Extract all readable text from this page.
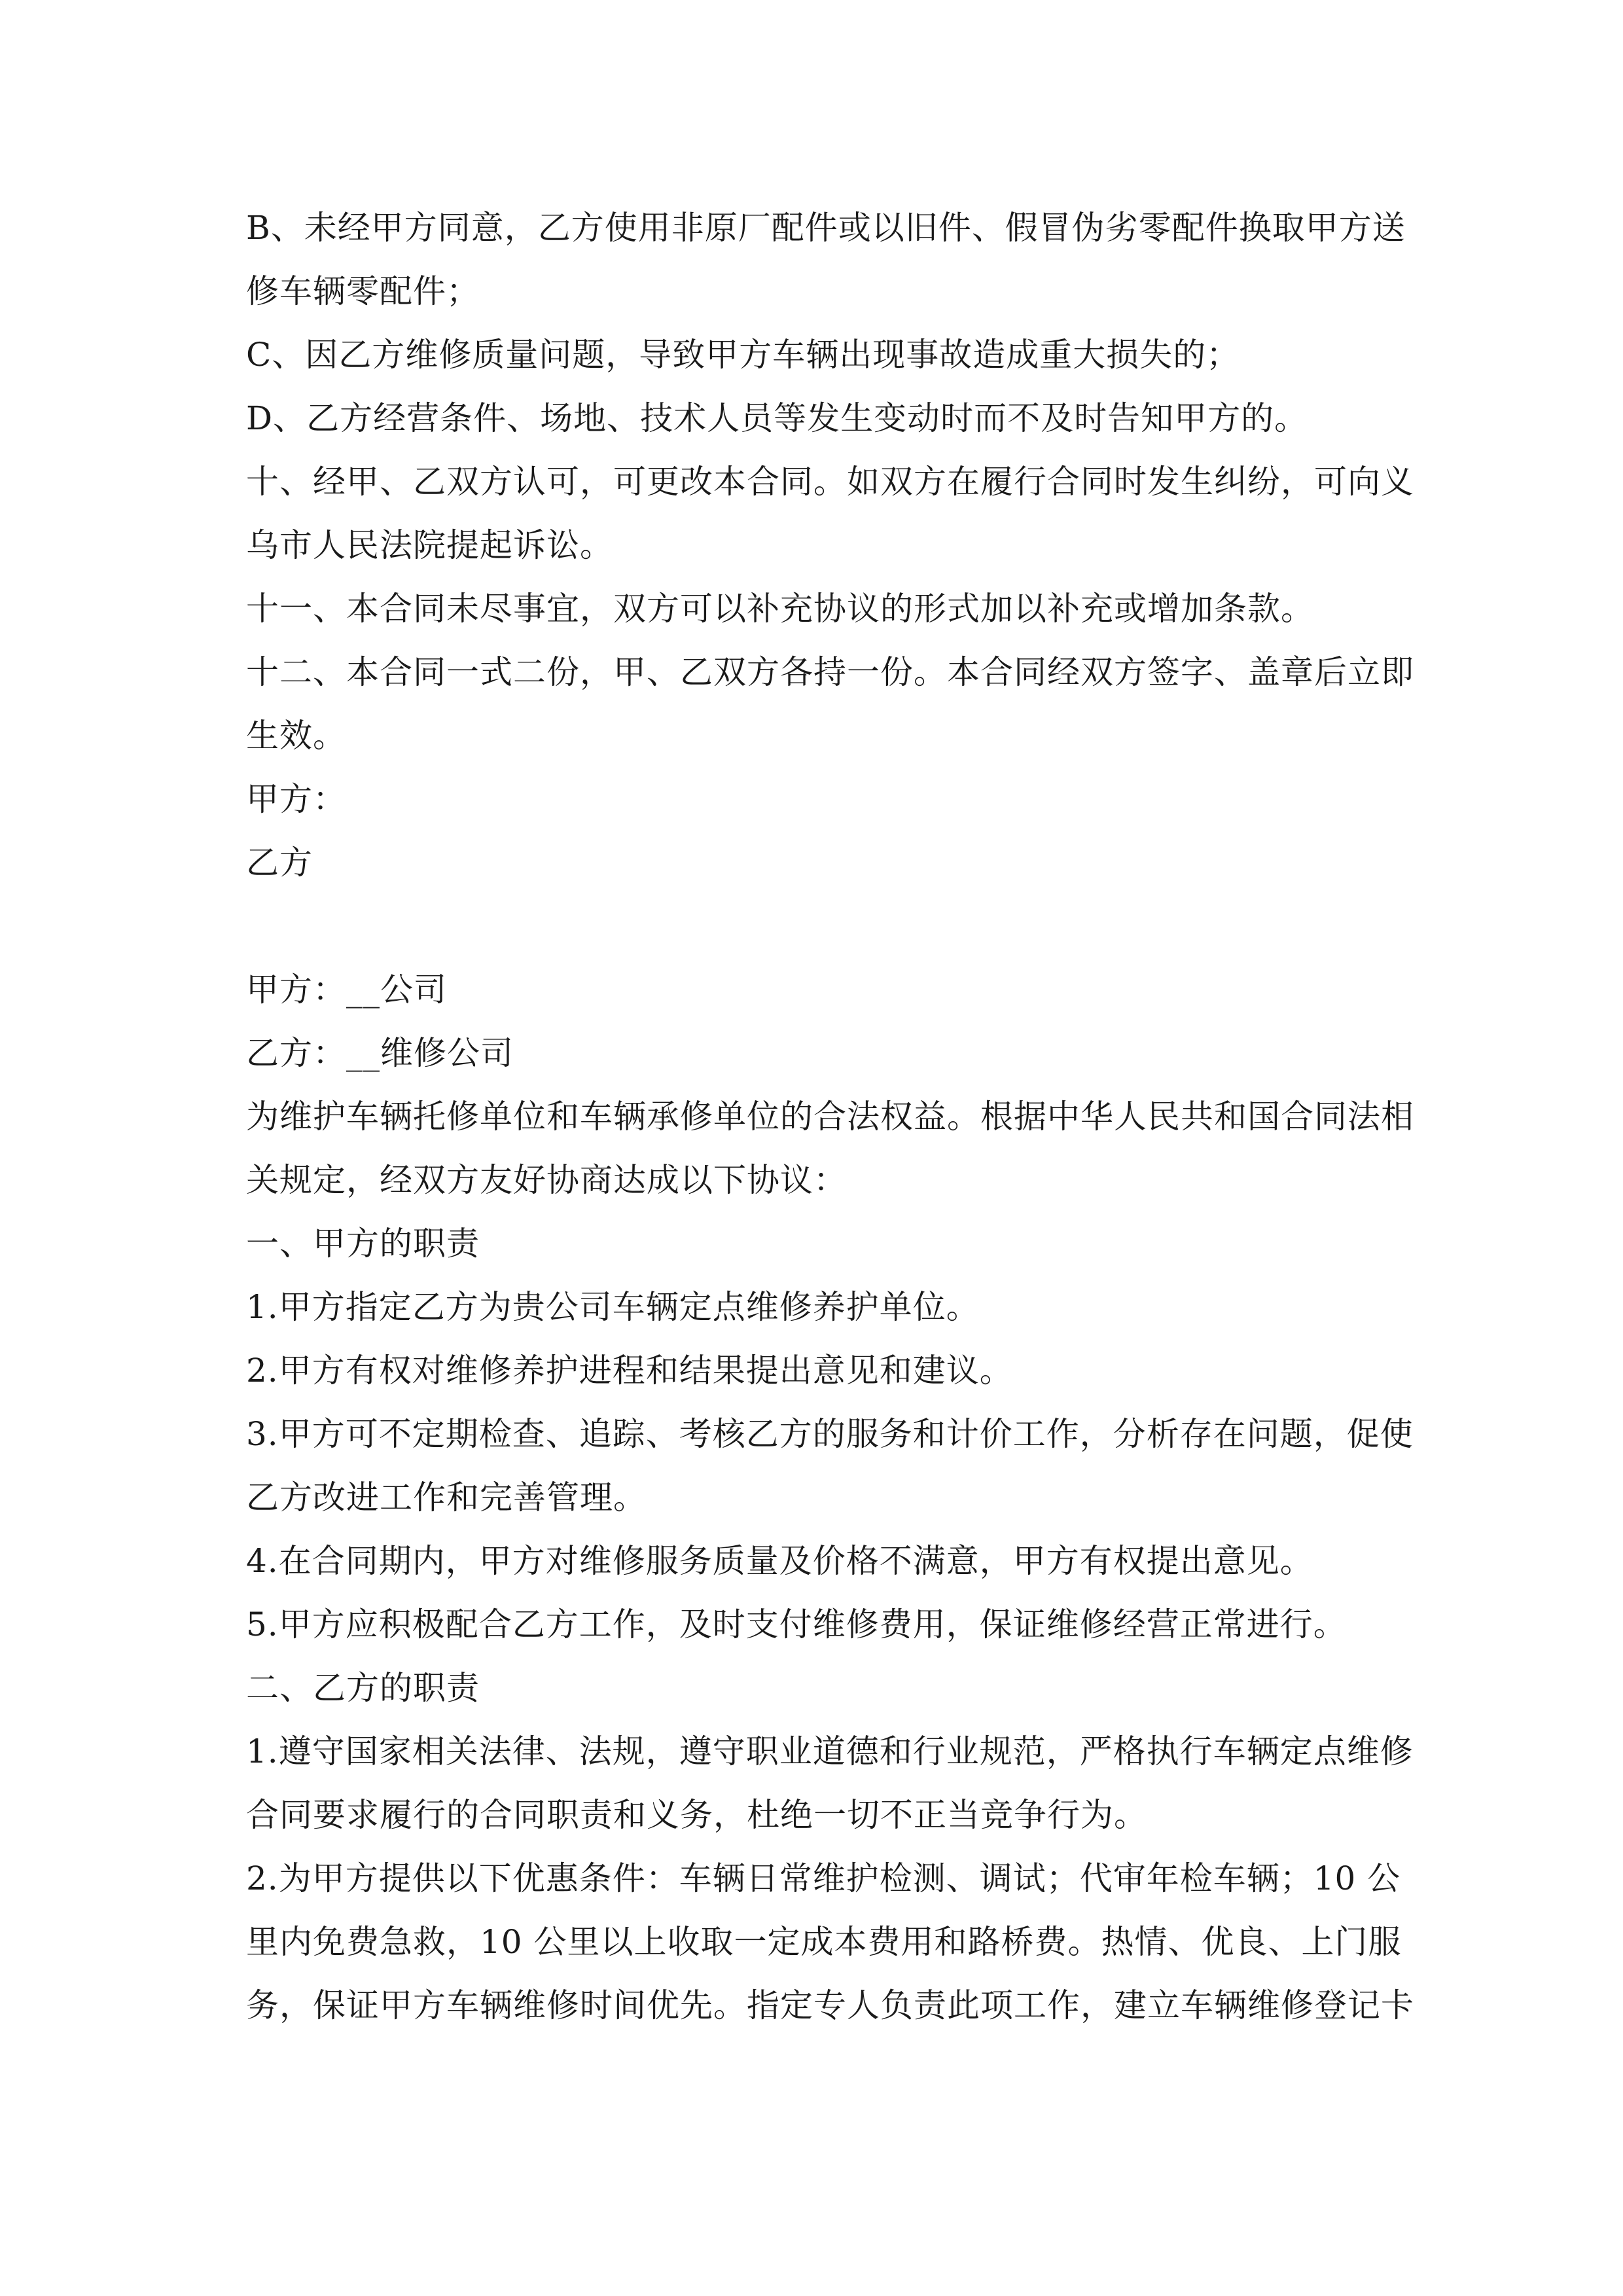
B、未经甲方同意，乙方使用非原厂配件或以旧件、假冒伪劣零配件换取甲方送
修车辆零配件；
C、因乙方维修质量问题，导致甲方车辆出现事故造成重大损失的；
D、乙方经营条件、场地、技术人员等发生变动时而不及时告知甲方的。
十、经甲、乙双方认可，可更改本合同。如双方在履行合同时发生纠纷，可向义
乌市人民法院提起诉讼。
十一、本合同未尽事宜，双方可以补充协议的形式加以补充或增加条款。
十二、本合同一式二份，甲、乙双方各持一份。本合同经双方签字、盖章后立即
生效。
甲方：
乙方
甲方：__公司
乙方：__维修公司
为维护车辆托修单位和车辆承修单位的合法权益。根据中华人民共和国合同法相
关规定，经双方友好协商达成以下协议：
一、甲方的职责
1.甲方指定乙方为贵公司车辆定点维修养护单位。
2.甲方有权对维修养护进程和结果提出意见和建议。
3.甲方可不定期检查、追踪、考核乙方的服务和计价工作，分析存在问题，促使
乙方改进工作和完善管理。
4.在合同期内，甲方对维修服务质量及价格不满意，甲方有权提出意见。
5.甲方应积极配合乙方工作，及时支付维修费用，保证维修经营正常进行。
二、乙方的职责
1.遵守国家相关法律、法规，遵守职业道德和行业规范，严格执行车辆定点维修
合同要求履行的合同职责和义务，杜绝一切不正当竞争行为。
2.为甲方提供以下优惠条件：车辆日常维护检测、调试；代审年检车辆；10 公
里内免费急救，10 公里以上收取一定成本费用和路桥费。热情、优良、上门服
务，保证甲方车辆维修时间优先。指定专人负责此项工作，建立车辆维修登记卡
